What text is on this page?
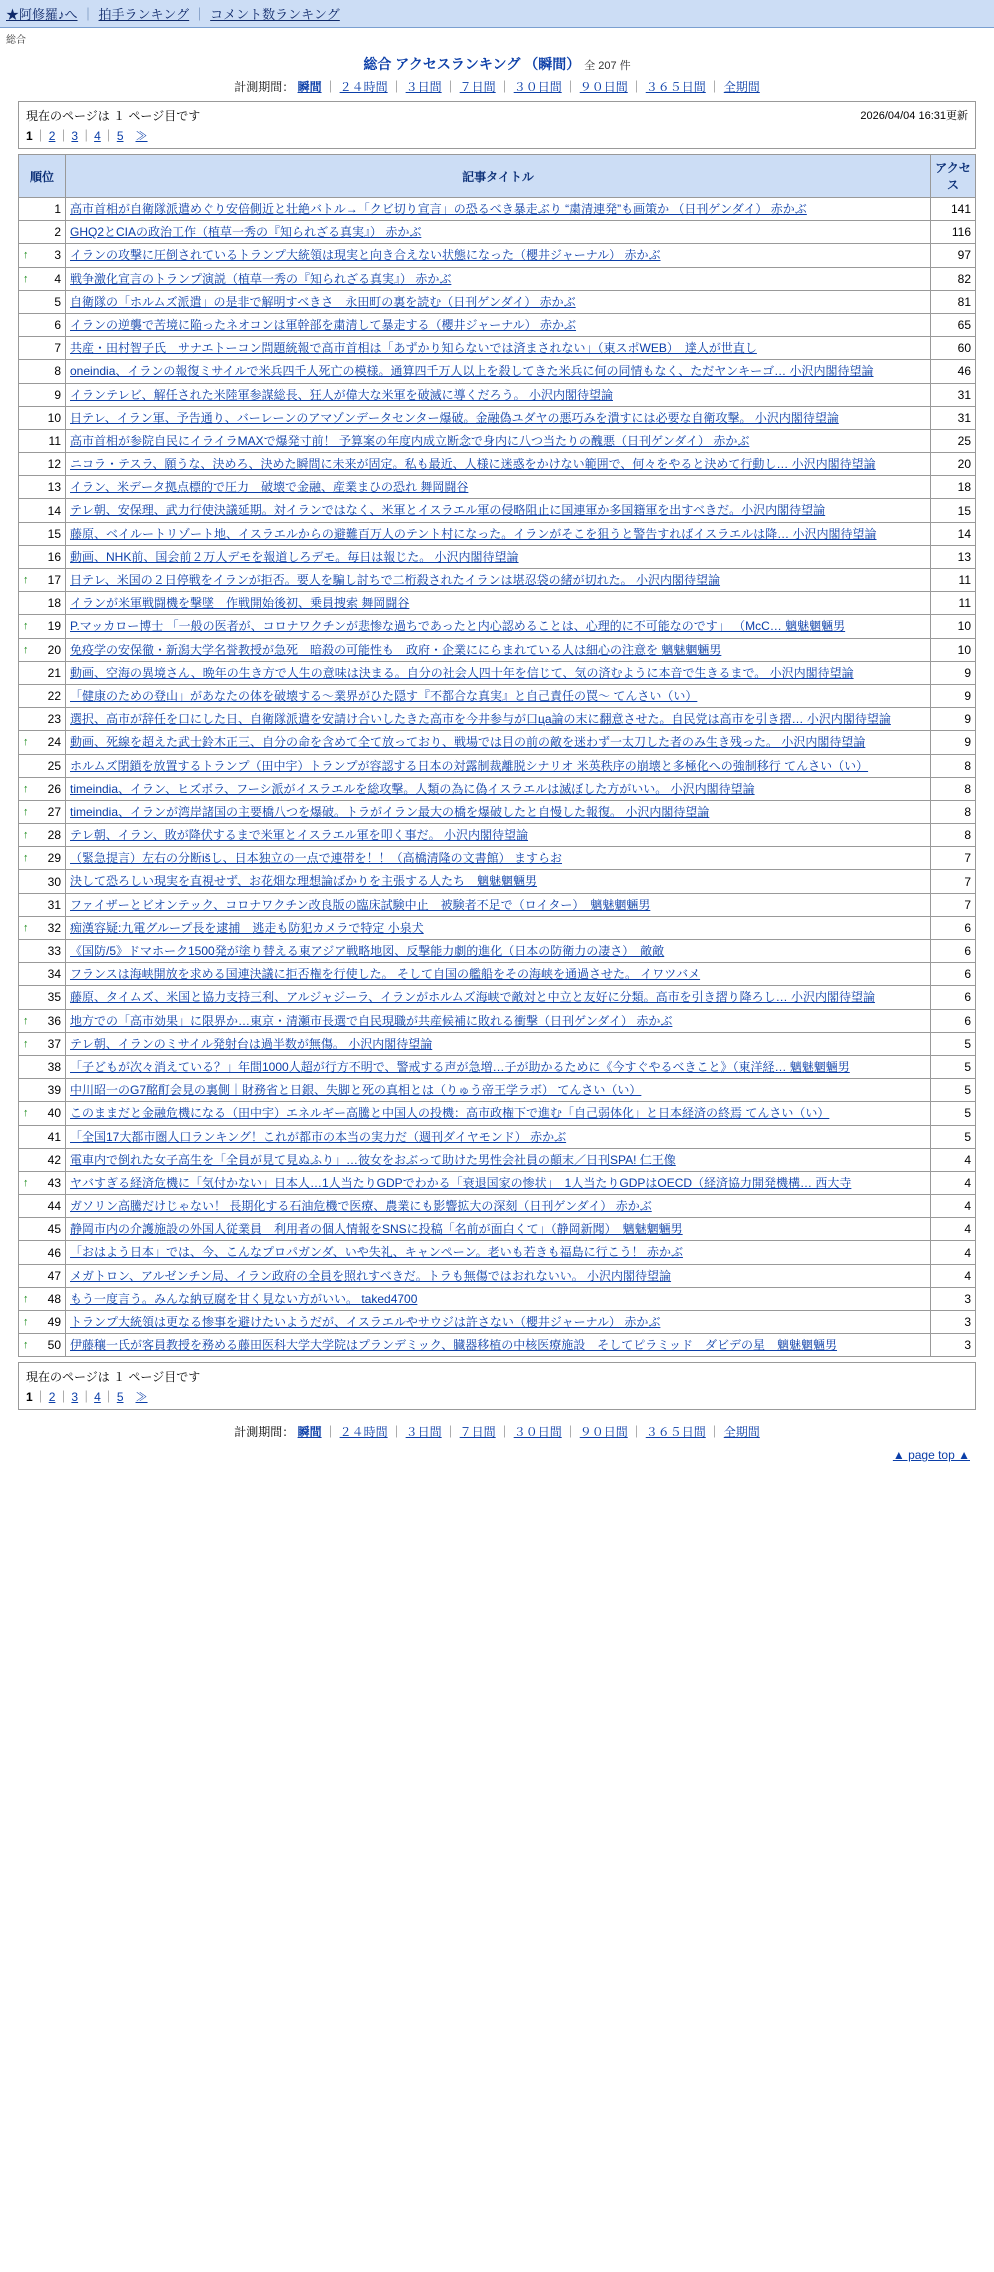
★阿修羅♪へ ｜ 拍手ランキング ｜ コメント数ランキング
総合
総合 アクセスランキング （瞬間） 全 207 件
計測期間： 瞬間 ｜ ２４時間 ｜ ３日間 ｜ ７日間 ｜ ３０日間 ｜ ９０日間 ｜ ３６５日間 ｜ 全期間
現在のページは １ ページ目です	2026/04/04 16:31更新
1 ｜ 2 ｜ 3 ｜ 4 ｜ 5　 ≫
順位	記事タイトル	アクセス
1	高市首相が自衛隊派遣めぐり安倍側近と壮絶バトル→「クビ切り宣言」の恐るべき暴走ぶり “粛清連発”も画策か （日刊ゲンダイ） 赤かぶ	141
2	GHQ2とCIAの政治工作（植草一秀の『知られざる真実』） 赤かぶ	116

↑ 3	イランの攻撃に圧倒されているトランプ大統領は現実と向き合えない状態になった（櫻井ジャーナル） 赤かぶ	97

↑ 4	戦争激化宣言のトランプ演説（植草一秀の『知られざる真実』） 赤かぶ	82
5	自衛隊の「ホルムズ派遣」の是非で解明すべきさ　永田町の裏を読む（日刊ゲンダイ） 赤かぶ	81
6	イランの逆襲で苦境に陥ったネオコンは軍幹部を粛清して暴走する（櫻井ジャーナル） 赤かぶ	65
7	共産・田村智子氏　サナエトーコン問題統報で高市首相は「あずかり知らないでは済まされない」（東スポWEB）　達人が世直し	60
8	oneindia、イランの報復ミサイルで米兵四千人死亡の模様。通算四千万人以上を殺してきた米兵に何の同情もなく、ただヤンキーゴ… 小沢内閣待望論	46
9	イランテレビ、解任された米陸軍参謀総長、狂人が偉大な米軍を破滅に導くだろう。 小沢内閣待望論	31
10	日テレ、イラン軍、予告通り、バーレーンのアマゾンデータセンター爆破。金融偽ユダヤの悪巧みを潰すには必要な自衛攻撃。 小沢内閣待望論	31
11	高市首相が参院自民にイライラMAXで爆発寸前！ 予算案の年度内成立断念で身内に八つ当たりの醜悪（日刊ゲンダイ） 赤かぶ	25
12	ニコラ・テスラ、願うな、決めろ、決めた瞬間に未来が固定。私も最近、人様に迷惑をかけない範囲で、何々をやると決めて行動し… 小沢内閣待望論	20
13	イラン、米データ拠点標的で圧力　破壊で金融、産業まひの恐れ 舞岡闘谷	18
14	テレ朝、安保理、武力行使決議延期。対イランではなく、米軍とイスラエル軍の侵略阻止に国連軍か多国籍軍を出すべきだ。小沢内閣待望論	15
15	藤原、ベイルートリゾート地、イスラエルからの避難百万人のテント村になった。イランがそこを狙うと警告すればイスラエルは降… 小沢内閣待望論	14
16	動画、NHK前、国会前２万人デモを報道しろデモ。毎日は報じた。 小沢内閣待望論	13

↑ 17	日テレ、米国の２日停戦をイランが拒否。要人を騙し討ちで二桁殺されたイランは堪忍袋の緒が切れた。 小沢内閣待望論	11
18	イランが米軍戦闘機を撃墜　作戦開始後初、乗員捜索 舞岡闘谷	11

↑ 19	P.マッカロー博士 「一般の医者が、コロナワクチンが悲惨な過ちであったと内心認めることは、心理的に不可能なのです」 （McC… 魑魅魍魎男	10

↑ 20	免疫学の安保徹・新潟大学名誉教授が急死　暗殺の可能性も　政府・企業ににらまれている人は細心の注意を 魑魅魍魎男	10
21	動画、空海の異境さん、晩年の生き方で人生の意味は決まる。自分の社会人四十年を信じて、気の済むように本音で生きるまで。 小沢内閣待望論	9
22	「健康のための登山」があなたの体を破壊する〜業界がひた隠す『不都合な真実』と自己責任の罠〜 てんさい（い）	9
23	選択、高市が辞任を口にした日、自衛隊派遣を安請け合いしたきた高市を今井参与が口ца論の末に翻意させた。自民党は高市を引き摺… 小沢内閣待望論	9

↑ 24	動画、死線を超えた武士鈴木正三、自分の命を含めて全て放っており、戦場では目の前の敵を迷わず一太刀した者のみ生き残った。 小沢内閣待望論	9
25	ホルムズ閉鎖を放置するトランプ（田中宇）トランプが容認する日本の対露制裁離脱シナリオ 米英秩序の崩壊と多極化への強制移行 てんさい（い）	8

↑ 26	timeindia、イラン、ヒズボラ、フーシ派がイスラエルを総攻撃。人類の為に偽イスラエルは滅ぼした方がいい。 小沢内閣待望論	8

↑ 27	timeindia、イランが湾岸諸国の主要橋八つを爆破。トラがイラン最大の橋を爆破したと自慢した報復。 小沢内閣待望論	8

↑ 28	テレ朝、イラン、敗が降伏するまで米軍とイスラエル軍を叩く事だ。 小沢内閣待望論	8

↑ 29	（緊急提言）左右の分断išし、日本独立の一点で連帯を！！（高橋清隆の文書館） ますらお	7
30	決して恐ろしい現実を直視せず、お花畑な理想論ばかりを主張する人たち　魑魅魍魎男	7
31	ファイザーとビオンテック、コロナワクチン改良版の臨床試験中止　被験者不足で（ロイター）　魑魅魍魎男	7

↑ 32	痴漢容疑:九電グループ長を逮捕　逃走も防犯カメラで特定 小泉犬	6
33	《国防/5》ドマホーク1500発が塗り替える東アジア戦略地図、反撃能力劇的進化（日本の防衛力の凄さ）　敵敵	6
34	フランスは海峡開放を求める国連決議に拒否権を行使した。 そして自国の艦船をその海峡を通過させた。 イワツバメ	6
35	藤原、タイムズ、米国と協力支持三利、アルジャジーラ、イランがホルムズ海峡で敵対と中立と友好に分類。高市を引き摺り降ろし… 小沢内閣待望論	6

↑ 36	地方での「高市効果」に限界か…東京・清瀬市長選で自民現職が共産候補に敗れる衝撃（日刊ゲンダイ） 赤かぶ	6

↑ 37	テレ朝、イランのミサイル発射台は過半数が無傷。 小沢内閣待望論	5
38	「子どもが次々消えている？」年間1000人超が行方不明で、警戒する声が急増…子が助かるために《今すぐやるべきこと》（東洋経… 魑魅魍魎男	5
39	中川昭一のG7酩酊会見の裏側｜財務省と日銀、失脚と死の真相とは（りゅう帝王学ラボ） てんさい（い）	5

↑ 40	このままだと金融危機になる（田中宇）エネルギー高騰と中国人の投機：高市政権下で進む「自己弱体化」と日本経済の終焉 てんさい（い）	5
41	「全国17大都市圏人口ランキング！これが都市の本当の実力だ（週刊ダイヤモンド） 赤かぶ	5
42	電車内で倒れた女子高生を「全員が見て見ぬふり」…彼女をおぶって助けた男性会社員の顛末／日刊SPA! 仁王像	4

↑ 43	ヤバすぎる経済危機に「気付かない」日本人…1人当たりGDPでわかる「衰退国家の惨状」　1人当たりGDPはOECD（経済協力開発機構… 西大寺	4
44	ガソリン高騰だけじゃない！ 長期化する石油危機で医療、農業にも影響拡大の深刻（日刊ゲンダイ） 赤かぶ	4
45	静岡市内の介護施設の外国人従業員　利用者の個人情報をSNSに投稿「名前が面白くて」（静岡新聞）　魑魅魍魎男	4
46	「おはよう日本」では、今、こんなプロパガンダ、いや失礼、キャンペーン。老いも若きも福島に行こう！ 赤かぶ	4
47	メガトロン、アルゼンチン局、イラン政府の全員を照れすべきだ。トラも無傷ではおれないい。 小沢内閣待望論	4

↑ 48	もう一度言う。みんな納豆腐を甘く見ない方がいい。 taked4700	3

↑ 49	トランプ大統領は更なる惨事を避けたいようだが、イスラエルやサウジは許さない（櫻井ジャーナル） 赤かぶ	3

↑ 50	伊藤穰一氏が客員教授を務める藤田医科大学大学院はプランデミック、臓器移植の中核医療施設　そしてピラミッド　ダビデの星　魑魅魍魎男	3
現在のページは １ ページ目です
1 ｜ 2 ｜ 3 ｜ 4 ｜ 5　 ≫
計測期間： 瞬間 ｜ ２４時間 ｜ ３日間 ｜ ７日間 ｜ ３０日間 ｜ ９０日間 ｜ ３６５日間 ｜ 全期間
▲ page top ▲
